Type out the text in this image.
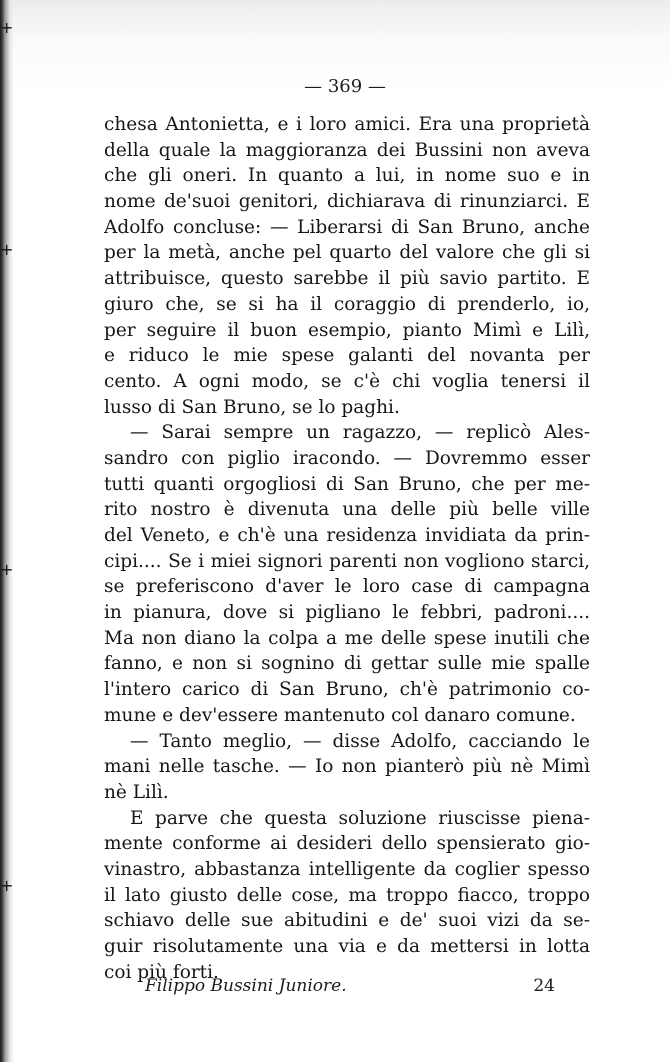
+
+
+
+
— 369 —
chesa Antonietta, e i loro amici. Era una proprietà
della quale la maggioranza dei Bussini non aveva
che gli oneri. In quanto a lui, in nome suo e in
nome de'suoi genitori, dichiarava di rinunziarci. E
Adolfo concluse: — Liberarsi di San Bruno, anche
per la metà, anche pel quarto del valore che gli si
attribuisce, questo sarebbe il più savio partito. E
giuro che, se si ha il coraggio di prenderlo, io,
per seguire il buon esempio, pianto Mimì e Lilì,
e riduco le mie spese galanti del novanta per
cento. A ogni modo, se c'è chi voglia tenersi il
lusso di San Bruno, se lo paghi.
— Sarai sempre un ragazzo, — replicò Ales-
sandro con piglio iracondo. — Dovremmo esser
tutti quanti orgogliosi di San Bruno, che per me-
rito nostro è divenuta una delle più belle ville
del Veneto, e ch'è una residenza invidiata da prin-
cipi.... Se i miei signori parenti non vogliono starci,
se preferiscono d'aver le loro case di campagna
in pianura, dove si pigliano le febbri, padroni....
Ma non diano la colpa a me delle spese inutili che
fanno, e non si sognino di gettar sulle mie spalle
l'intero carico di San Bruno, ch'è patrimonio co-
mune e dev'essere mantenuto col danaro comune.
— Tanto meglio, — disse Adolfo, cacciando le
mani nelle tasche. — Io non pianterò più nè Mimì
nè Lilì.
E parve che questa soluzione riuscisse piena-
mente conforme ai desideri dello spensierato gio-
vinastro, abbastanza intelligente da coglier spesso
il lato giusto delle cose, ma troppo fiacco, troppo
schiavo delle sue abitudini e de' suoi vizi da se-
guir risolutamente una via e da mettersi in lotta
coi più forti.
Filippo Bussini Juniore.	24
